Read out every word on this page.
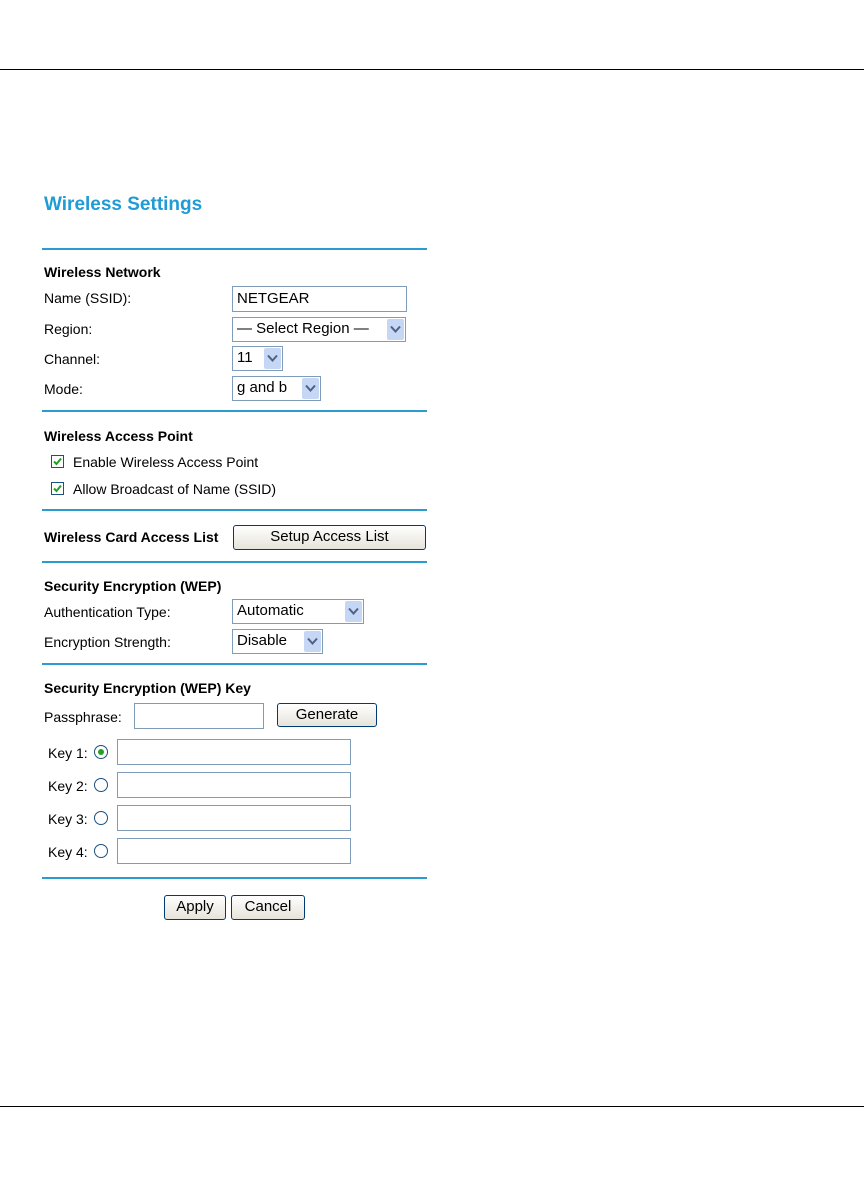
Wireless Settings
Wireless Network
Name (SSID):	NETGEAR
Region:	— Select Region —
Channel:	11
Mode:	g and b
Wireless Access Point
Enable Wireless Access Point
Allow Broadcast of Name (SSID)
Wireless Card Access List	Setup Access List
Security Encryption (WEP)
Authentication Type:	Automatic
Encryption Strength:	Disable
Security Encryption (WEP) Key
Passphrase:	Generate
Key 1:
Key 2:
Key 3:
Key 4:
Apply	Cancel
